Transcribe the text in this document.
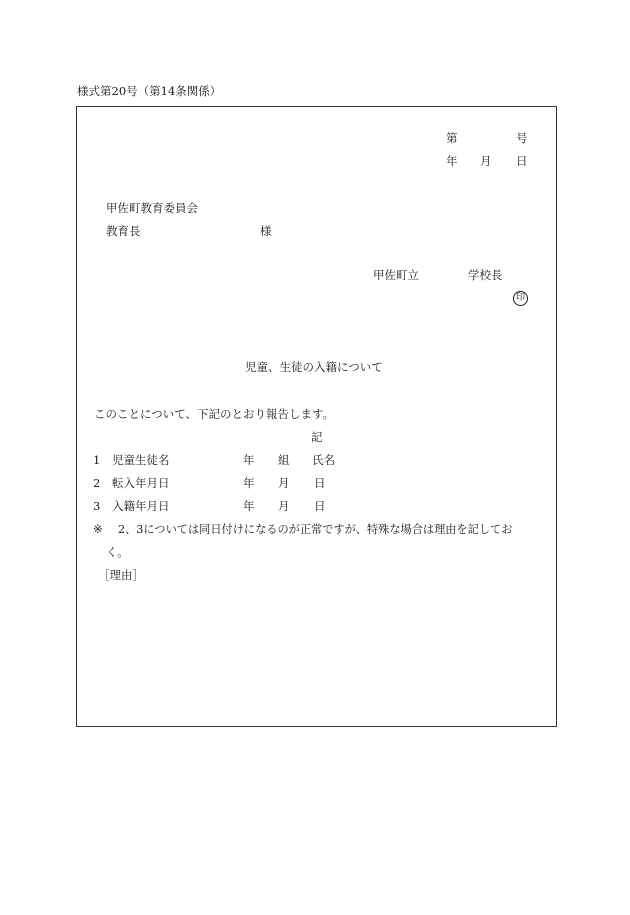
様式第20号（第14条関係）
第	号
年 月 日
甲佐町教育委員会
教育長	様
甲佐町立	学校長
印
児童、生徒の入籍について
このことについて、下記のとおり報告します。
記
1 児童生徒名	年 組 氏名
2 転入年月日	年 月 日
3 入籍年月日	年 月 日
※ 2、3については同日付けになるのが正常ですが、特殊な場合は理由を記してお
く。
［理由］
